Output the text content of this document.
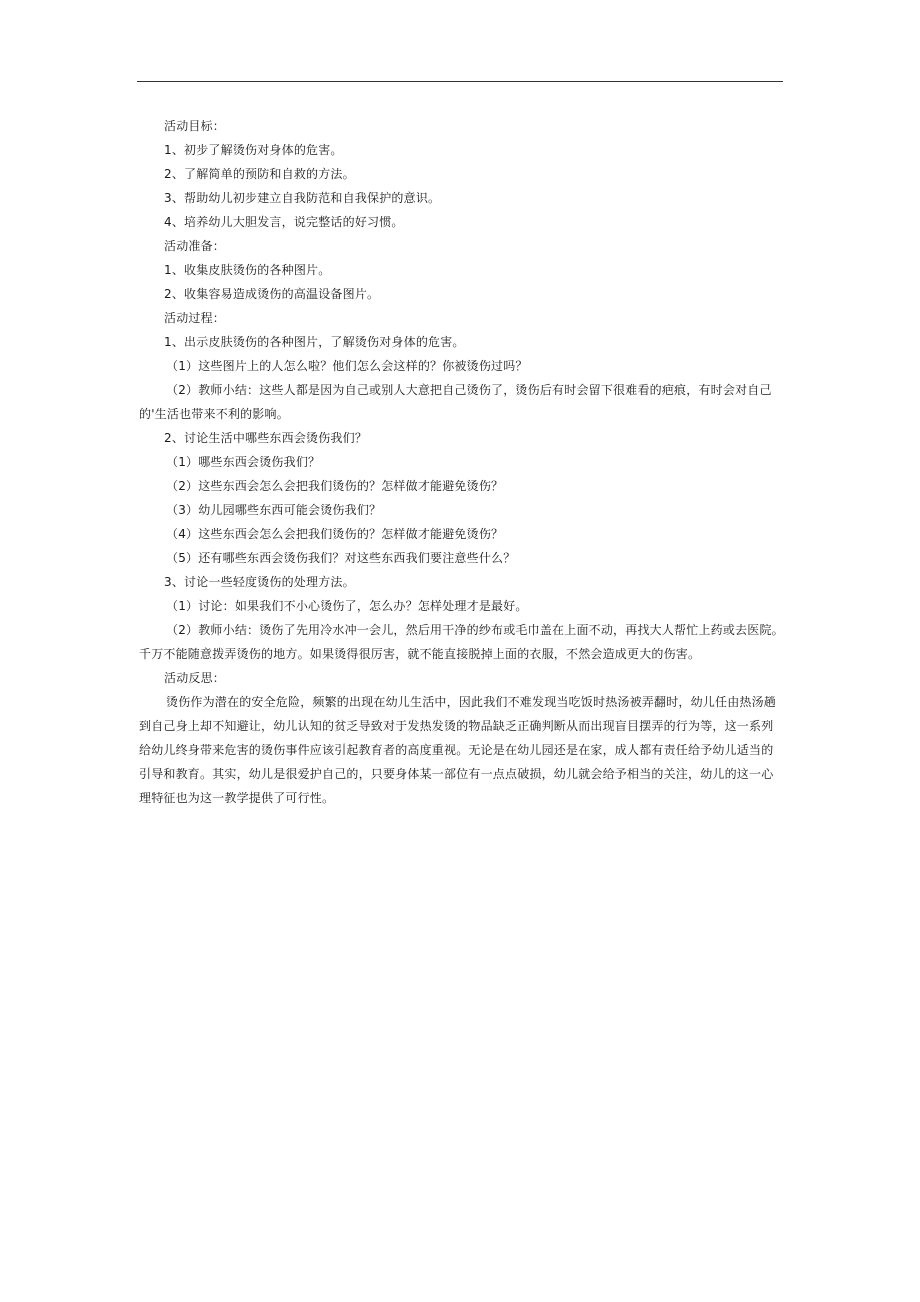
活动目标：

1、初步了解烫伤对身体的危害。

2、了解简单的预防和自救的方法。

3、帮助幼儿初步建立自我防范和自我保护的意识。

4、培养幼儿大胆发言，说完整话的好习惯。

活动准备：

1、收集皮肤烫伤的各种图片。

2、收集容易造成烫伤的高温设备图片。

活动过程：

1、出示皮肤烫伤的各种图片，了解烫伤对身体的危害。

（1）这些图片上的人怎么啦？他们怎么会这样的？你被烫伤过吗？

（2）教师小结：这些人都是因为自己或别人大意把自己烫伤了，烫伤后有时会留下很难看的疤痕，有时会对自己
的'生活也带来不利的影响。

2、讨论生活中哪些东西会烫伤我们？

（1）哪些东西会烫伤我们？

（2）这些东西会怎么会把我们烫伤的？怎样做才能避免烫伤？

（3）幼儿园哪些东西可能会烫伤我们？

（4）这些东西会怎么会把我们烫伤的？怎样做才能避免烫伤？

（5）还有哪些东西会烫伤我们？对这些东西我们要注意些什么？

3、讨论一些轻度烫伤的处理方法。

（1）讨论：如果我们不小心烫伤了，怎么办？怎样处理才是最好。

（2）教师小结：烫伤了先用冷水冲一会儿，然后用干净的纱布或毛巾盖在上面不动，再找大人帮忙上药或去医院。
千万不能随意拨弄烫伤的地方。如果烫得很厉害，就不能直接脱掉上面的衣服，不然会造成更大的伤害。

活动反思：

烫伤作为潜在的安全危险，频繁的出现在幼儿生活中，因此我们不难发现当吃饭时热汤被弄翻时，幼儿任由热汤趟
到自己身上却不知避让，幼儿认知的贫乏导致对于发热发烫的物品缺乏正确判断从而出现盲目摆弄的行为等，这一系列
给幼儿终身带来危害的烫伤事件应该引起教育者的高度重视。无论是在幼儿园还是在家，成人都有责任给予幼儿适当的
引导和教育。其实，幼儿是很爱护自己的，只要身体某一部位有一点点破损，幼儿就会给予相当的关注，幼儿的这一心
理特征也为这一教学提供了可行性。
